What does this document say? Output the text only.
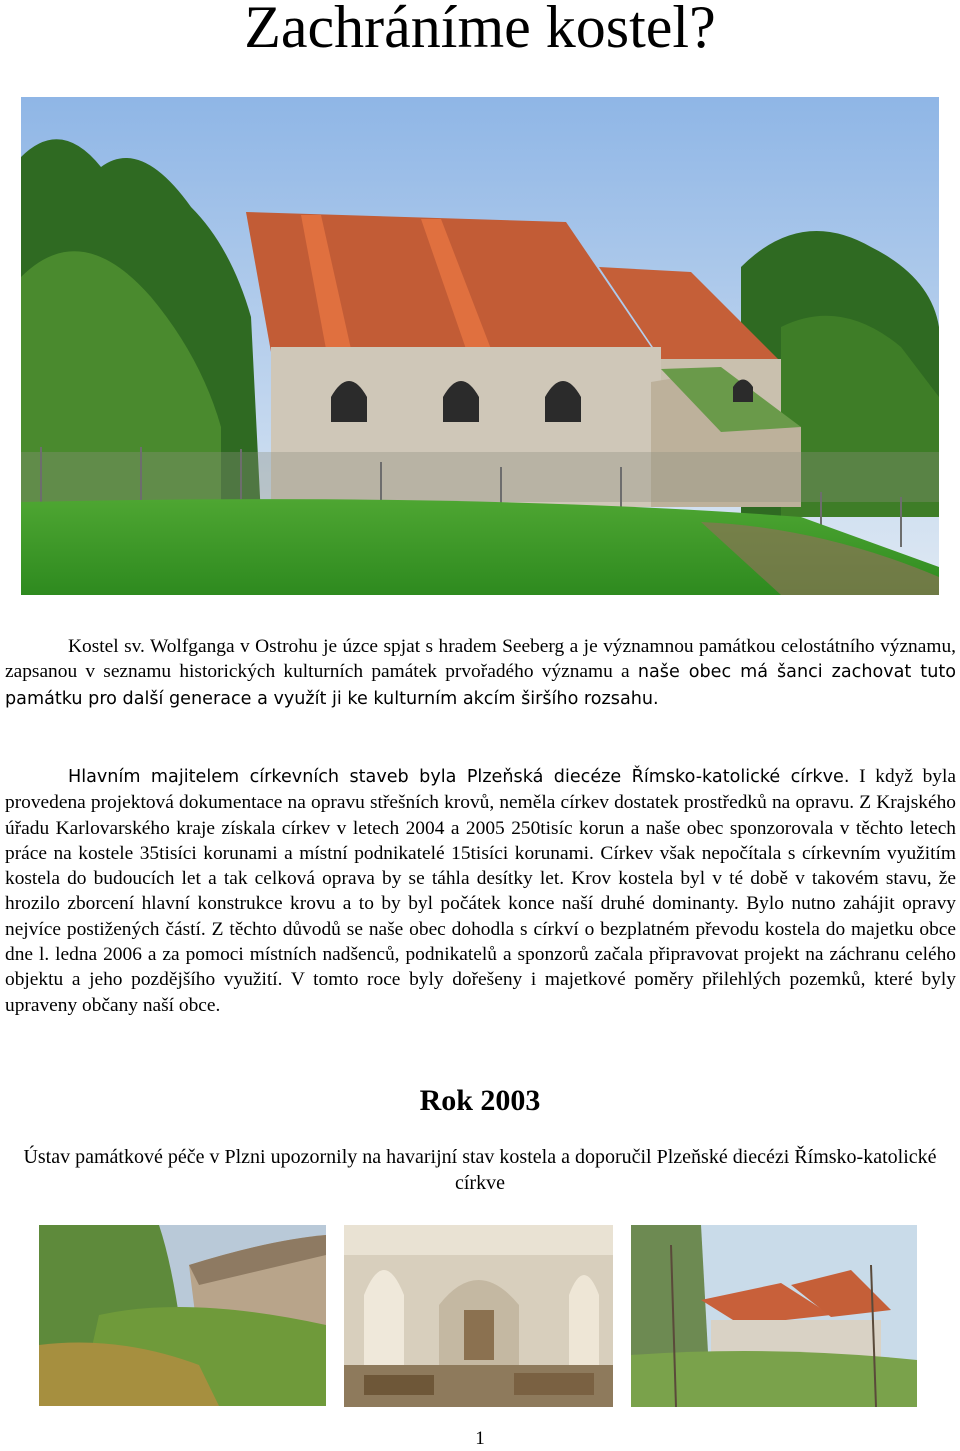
Zachráníme kostel?

Kostel sv. Wolfganga v Ostrohu je úzce spjat s hradem Seeberg a je významnou památkou celostátního významu, zapsanou v seznamu historických kulturních památek prvořadého významu a naše obec má šanci zachovat tuto památku pro další generace a využít ji ke kulturním akcím širšího rozsahu.

Hlavním majitelem církevních staveb byla Plzeňská diecéze Římsko-katolické církve. I když byla provedena projektová dokumentace na opravu střešních krovů, neměla církev dostatek prostředků na opravu. Z Krajského úřadu Karlovarského kraje získala církev v letech 2004 a 2005 250tisíc korun a naše obec sponzorovala v těchto letech práce na kostele 35tisíci korunami a místní podnikatelé 15tisíci korunami. Církev však nepočítala s církevním využitím kostela do budoucích let a tak celková oprava by se táhla desítky let. Krov kostela byl v té době v takovém stavu, že hrozilo zborcení hlavní konstrukce krovu a to by byl počátek konce naší druhé dominanty. Bylo nutno zahájit opravy nejvíce postižených částí. Z těchto důvodů se naše obec dohodla s církví o bezplatném převodu kostela do majetku obce dne l. ledna 2006 a za pomoci místních nadšenců, podnikatelů a sponzorů začala připravovat projekt na záchranu celého objektu a jeho pozdějšího využití. V tomto roce byly dořešeny i majetkové poměry přilehlých pozemků, které byly upraveny občany naší obce.

Rok 2003

Ústav památkové péče v Plzni upozornily na havarijní stav kostela a doporučil Plzeňské diecézi Římsko-katolické církve

1
